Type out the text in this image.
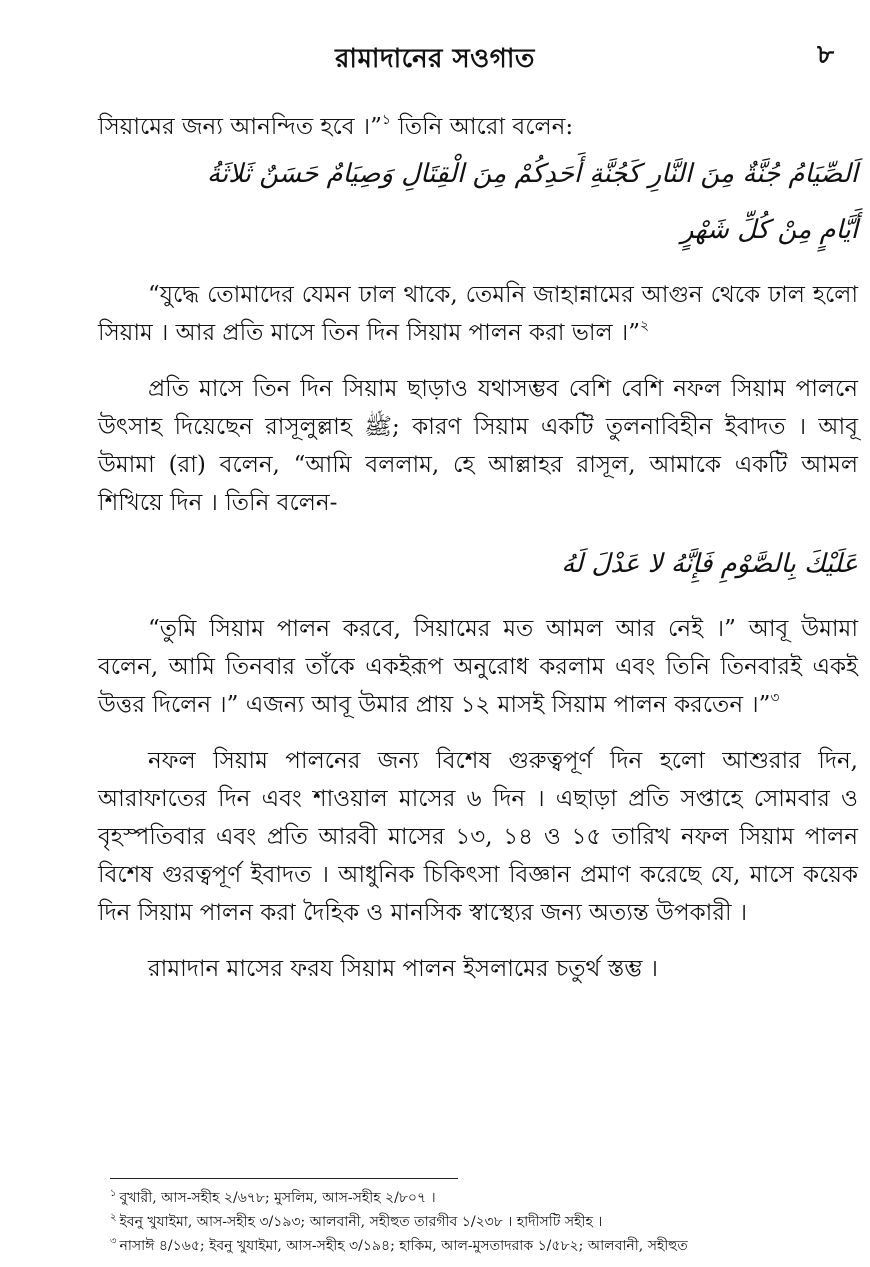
রামাদানের সওগাত	৮

সিয়ামের জন্য আনন্দিত হবে ।”$^১$ তিনি আরো বলেন:

اَلصِّيَامُ جُنَّةٌ مِنَ النَّارِ كَجُنَّةِ أَحَدِكُمْ مِنَ الْقِتَالِ وَصِيَامٌ حَسَنٌ ثَلاثَةُ
أَيَّامٍ مِنْ كُلِّ شَهْرٍ

“যুদ্ধে তোমাদের যেমন ঢাল থাকে, তেমনি জাহান্নামের আগুন থেকে ঢাল হলো সিয়াম । আর প্রতি মাসে তিন দিন সিয়াম পালন করা ভাল ।”$^২$

প্রতি মাসে তিন দিন সিয়াম ছাড়াও যথাসম্ভব বেশি বেশি নফল সিয়াম পালনে উৎসাহ দিয়েছেন রাসূলুল্লাহ ﷺ; কারণ সিয়াম একটি তুলনাবিহীন ইবাদত । আবূ উমামা (রা) বলেন, “আমি বললাম, হে আল্লাহর রাসূল, আমাকে একটি আমল শিখিয়ে দিন । তিনি বলেন-

عَلَيْكَ بِالصَّوْمِ فَإِنَّهُ لا عَدْلَ لَهُ

“তুমি সিয়াম পালন করবে, সিয়ামের মত আমল আর নেই ।” আবূ উমামা বলেন, আমি তিনবার তাঁকে একইরূপ অনুরোধ করলাম এবং তিনি তিনবারই একই উত্তর দিলেন ।” এজন্য আবূ উমার প্রায় ১২ মাসই সিয়াম পালন করতেন ।”$^৩$

নফল সিয়াম পালনের জন্য বিশেষ গুরুত্বপূর্ণ দিন হলো আশুরার দিন, আরাফাতের দিন এবং শাওয়াল মাসের ৬ দিন । এছাড়া প্রতি সপ্তাহে সোমবার ও বৃহস্পতিবার এবং প্রতি আরবী মাসের ১৩, ১৪ ও ১৫ তারিখ নফল সিয়াম পালন বিশেষ গুরত্বপূর্ণ ইবাদত । আধুনিক চিকিৎসা বিজ্ঞান প্রমাণ করেছে যে, মাসে কয়েক দিন সিয়াম পালন করা দৈহিক ও মানসিক স্বাস্থ্যের জন্য অত্যন্ত উপকারী ।

রামাদান মাসের ফরয সিয়াম পালন ইসলামের চতুর্থ স্তম্ভ ।

$^১$ বুখারী, আস-সহীহ ২/৬৭৮; মুসলিম, আস-সহীহ ২/৮০৭ ।
$^২$ ইবনু খুযাইমা, আস-সহীহ ৩/১৯৩; আলবানী, সহীহুত তারগীব ১/২৩৮ । হাদীসটি সহীহ ।
$^৩$ নাসাঈ ৪/১৬৫; ইবনু খুযাইমা, আস-সহীহ ৩/১৯৪; হাকিম, আল-মুসতাদরাক ১/৫৮২; আলবানী, সহীহুত
